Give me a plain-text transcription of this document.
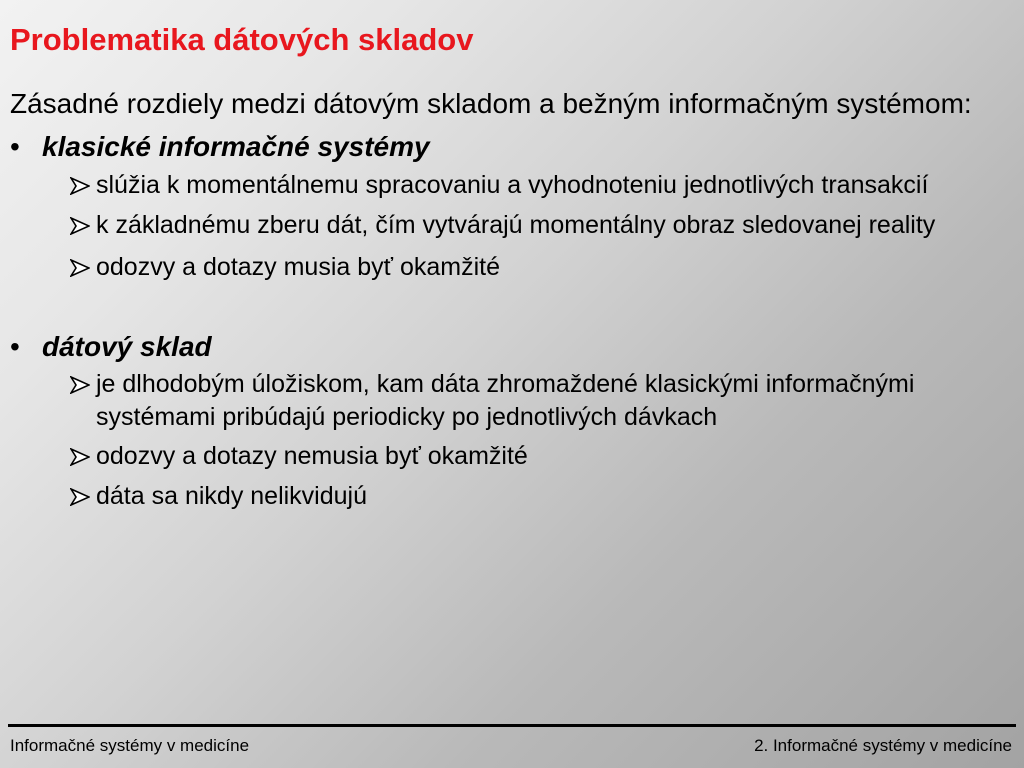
Problematika dátových skladov
Zásadné rozdiely medzi dátovým skladom a bežným informačným systémom:
• klasické informačné systémy
slúžia k momentálnemu spracovaniu a vyhodnoteniu jednotlivých transakcií
k základnému zberu dát, čím vytvárajú momentálny obraz sledovanej reality
odozvy a dotazy musia byť okamžité
• dátový sklad
je dlhodobým úložiskom, kam dáta zhromaždené klasickými informačnými systémami pribúdajú periodicky po jednotlivých dávkach
odozvy a dotazy nemusia byť okamžité
dáta sa nikdy nelikvidujú
Informačné systémy v medicíne	2. Informačné systémy v medicíne
